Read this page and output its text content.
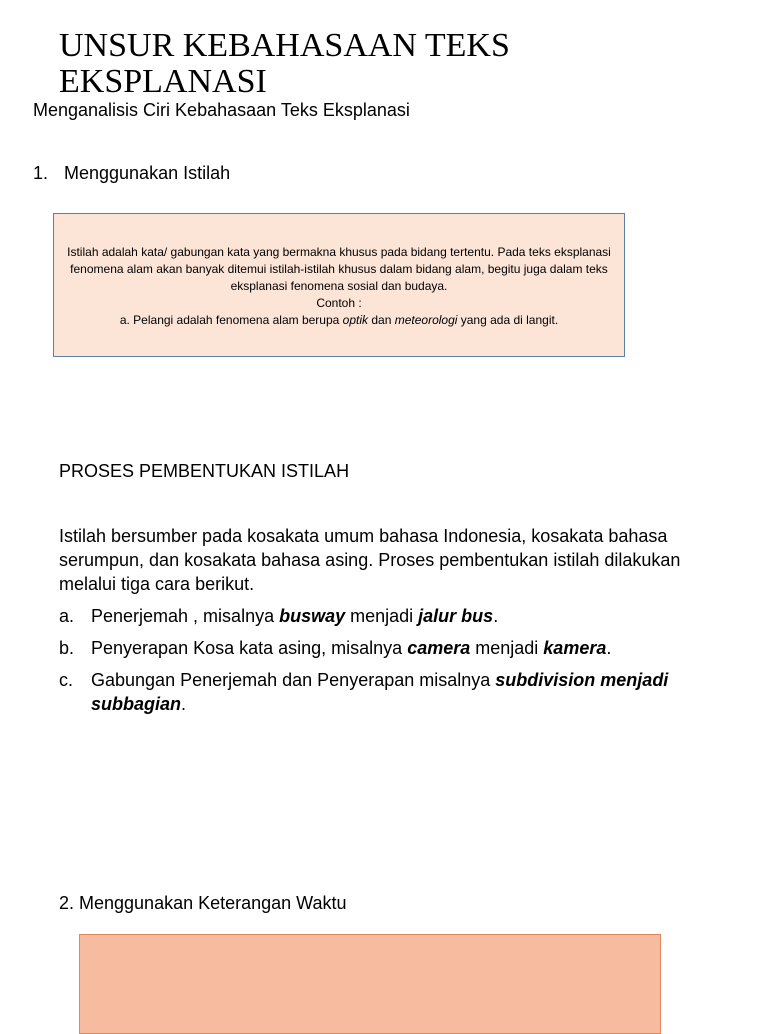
UNSUR KEBAHASAAN TEKS EKSPLANASI
Menganalisis Ciri Kebahasaan Teks Eksplanasi
1. Menggunakan Istilah

Istilah adalah kata/ gabungan kata yang bermakna khusus pada bidang tertentu. Pada teks eksplanasi fenomena alam akan banyak ditemui istilah-istilah khusus dalam bidang alam, begitu juga dalam teks eksplanasi fenomena sosial dan budaya.

Contoh :

a. Pelangi adalah fenomena alam berupa optik dan meteorologi yang ada di langit.

PROSES PEMBENTUKAN ISTILAH

Istilah bersumber pada kosakata umum bahasa Indonesia, kosakata bahasa serumpun, dan kosakata bahasa asing. Proses pembentukan istilah dilakukan melalui tiga cara berikut.

a. Penerjemah , misalnya busway menjadi jalur bus.
b. Penyerapan Kosa kata asing, misalnya camera menjadi kamera.
c. Gabungan Penerjemah dan Penyerapan misalnya subdivision menjadi subbagian.
2. Menggunakan Keterangan Waktu
